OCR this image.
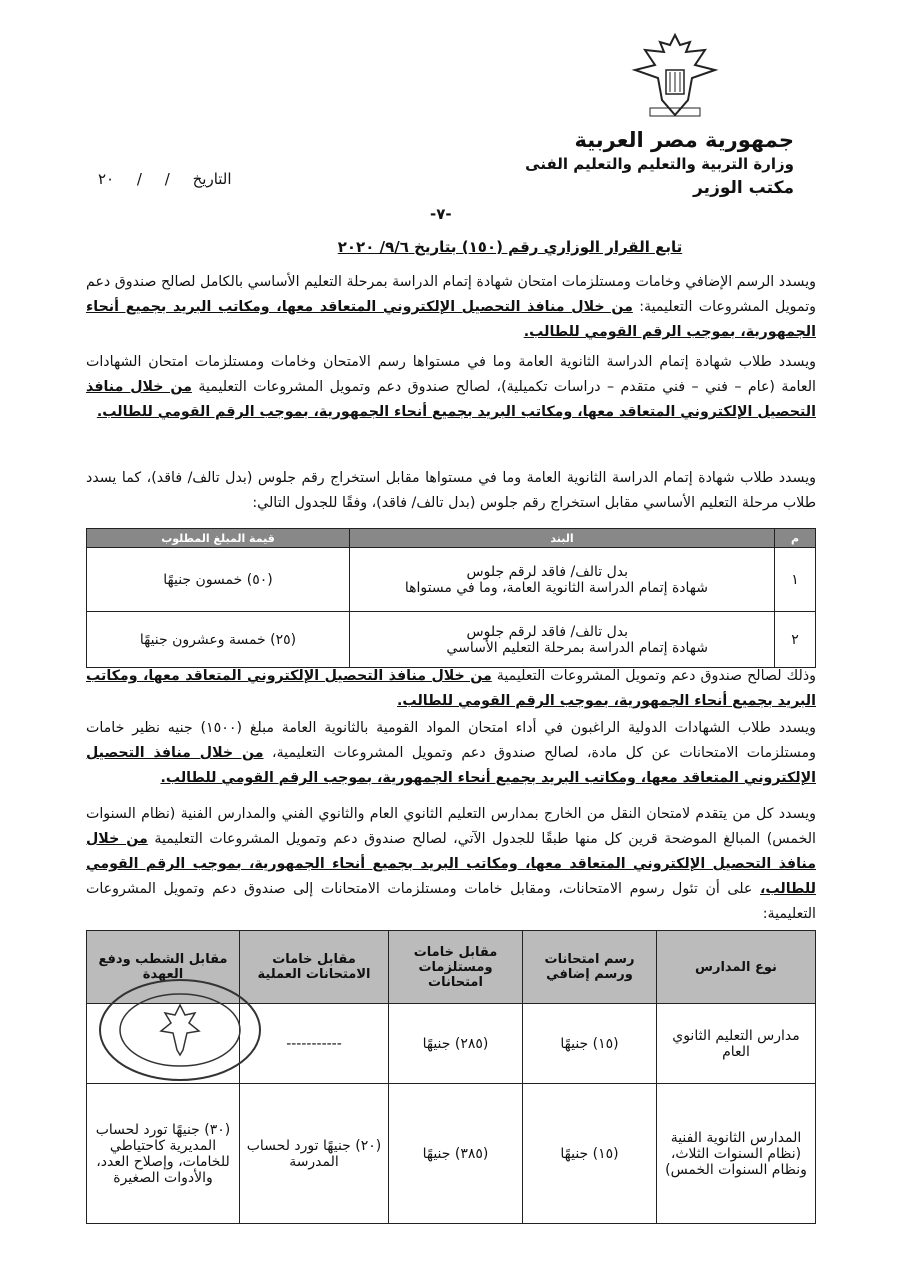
جمهورية مصر العربية
وزارة التربية والتعليم والتعليم الفنى
مكتب الوزير
التاريخ / / ٢٠
-٧-
تابع القرار الوزاري رقم (١٥٠) بتاريخ ٩/٦/ ٢٠٢٠
ويسدد الرسم الإضافي وخامات ومستلزمات امتحان شهادة إتمام الدراسة بمرحلة التعليم الأساسي بالكامل لصالح صندوق دعم وتمويل المشروعات التعليمية: من خلال منافذ التحصيل الإلكتروني المتعاقد معها، ومكاتب البريد بجميع أنحاء الجمهورية، بموجب الرقم القومي للطالب.
ويسدد طلاب شهادة إتمام الدراسة الثانوية العامة وما في مستواها رسم الامتحان وخامات ومستلزمات امتحان الشهادات العامة (عام – فني – فني متقدم – دراسات تكميلية)، لصالح صندوق دعم وتمويل المشروعات التعليمية من خلال منافذ التحصيل الإلكتروني المتعاقد معها، ومكاتب البريد بجميع أنحاء الجمهورية، بموجب الرقم القومي للطالب.
ويسدد طلاب شهادة إتمام الدراسة الثانوية العامة وما في مستواها مقابل استخراج رقم جلوس (بدل تالف/ فاقد)، كما يسدد طلاب مرحلة التعليم الأساسي مقابل استخراج رقم جلوس (بدل تالف/ فاقد)، وفقًا للجدول التالي:
م	البند	قيمة المبلغ المطلوب
١	بدل تالف/ فاقد لرقم جلوس
شهادة إتمام الدراسة الثانوية العامة، وما في مستواها	(٥٠) خمسون جنيهًا
٢	بدل تالف/ فاقد لرقم جلوس
شهادة إتمام الدراسة بمرحلة التعليم الأساسي	(٢٥) خمسة وعشرون جنيهًا
وذلك لصالح صندوق دعم وتمويل المشروعات التعليمية من خلال منافذ التحصيل الإلكتروني المتعاقد معها، ومكاتب البريد بجميع أنحاء الجمهورية، بموجب الرقم القومي للطالب.
ويسدد طلاب الشهادات الدولية الراغبون في أداء امتحان المواد القومية بالثانوية العامة مبلغ (١٥٠٠) جنيه نظير خامات ومستلزمات الامتحانات عن كل مادة، لصالح صندوق دعم وتمويل المشروعات التعليمية، من خلال منافذ التحصيل الإلكتروني المتعاقد معها، ومكاتب البريد بجميع أنحاء الجمهورية، بموجب الرقم القومي للطالب.
ويسدد كل من يتقدم لامتحان النقل من الخارج بمدارس التعليم الثانوي العام والثانوي الفني والمدارس الفنية (نظام السنوات الخمس) المبالغ الموضحة قرين كل منها طبقًا للجدول الآتي، لصالح صندوق دعم وتمويل المشروعات التعليمية من خلال منافذ التحصيل الإلكتروني المتعاقد معها، ومكاتب البريد بجميع أنحاء الجمهورية، بموجب الرقم القومي للطالب، على أن تئول رسوم الامتحانات، ومقابل خامات ومستلزمات الامتحانات إلى صندوق دعم وتمويل المشروعات التعليمية:
نوع المدارس	رسم امتحانات ورسم إضافي	مقابل خامات ومستلزمات امتحانات	مقابل خامات الامتحانات العملية	مقابل الشطب ودفع العهدة
مدارس التعليم الثانوي العام	(١٥) جنيهًا	(٢٨٥) جنيهًا	-----------	
المدارس الثانوية الفنية (نظام السنوات الثلاث، ونظام السنوات الخمس)	(١٥) جنيهًا	(٣٨٥) جنيهًا	(٢٠) جنيهًا تورد لحساب المدرسة	(٣٠) جنيهًا تورد لحساب المديرية كاحتياطي للخامات، وإصلاح العدد، والأدوات الصغيرة
